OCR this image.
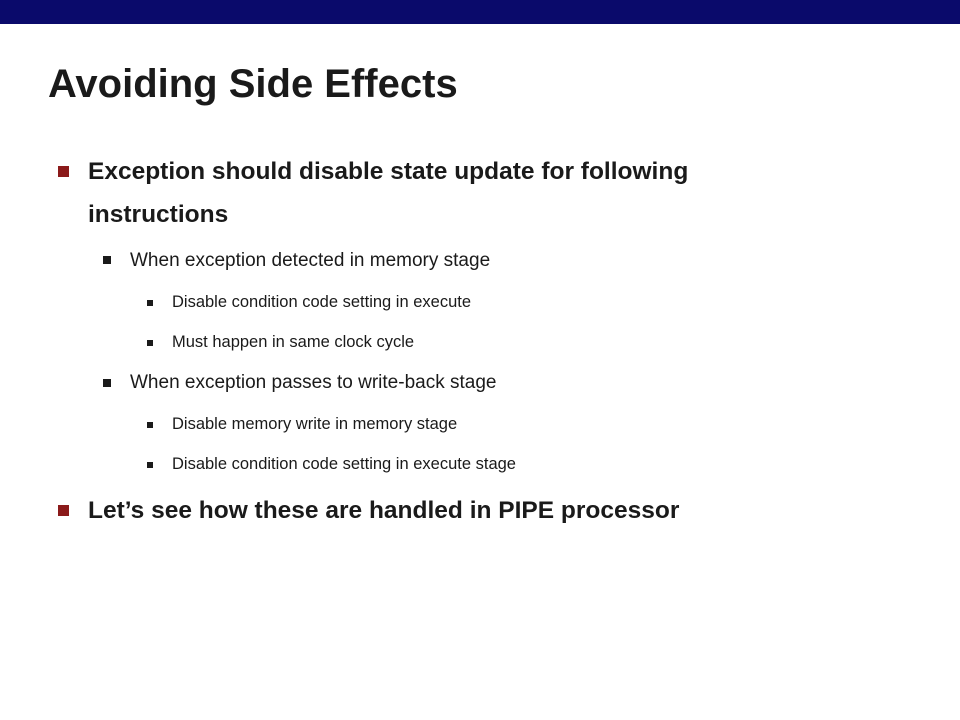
Avoiding Side Effects
Exception should disable state update for following
instructions
When exception detected in memory stage
Disable condition code setting in execute
Must happen in same clock cycle
When exception passes to write-back stage
Disable memory write in memory stage
Disable condition code setting in execute stage
Let’s see how these are handled in PIPE processor
